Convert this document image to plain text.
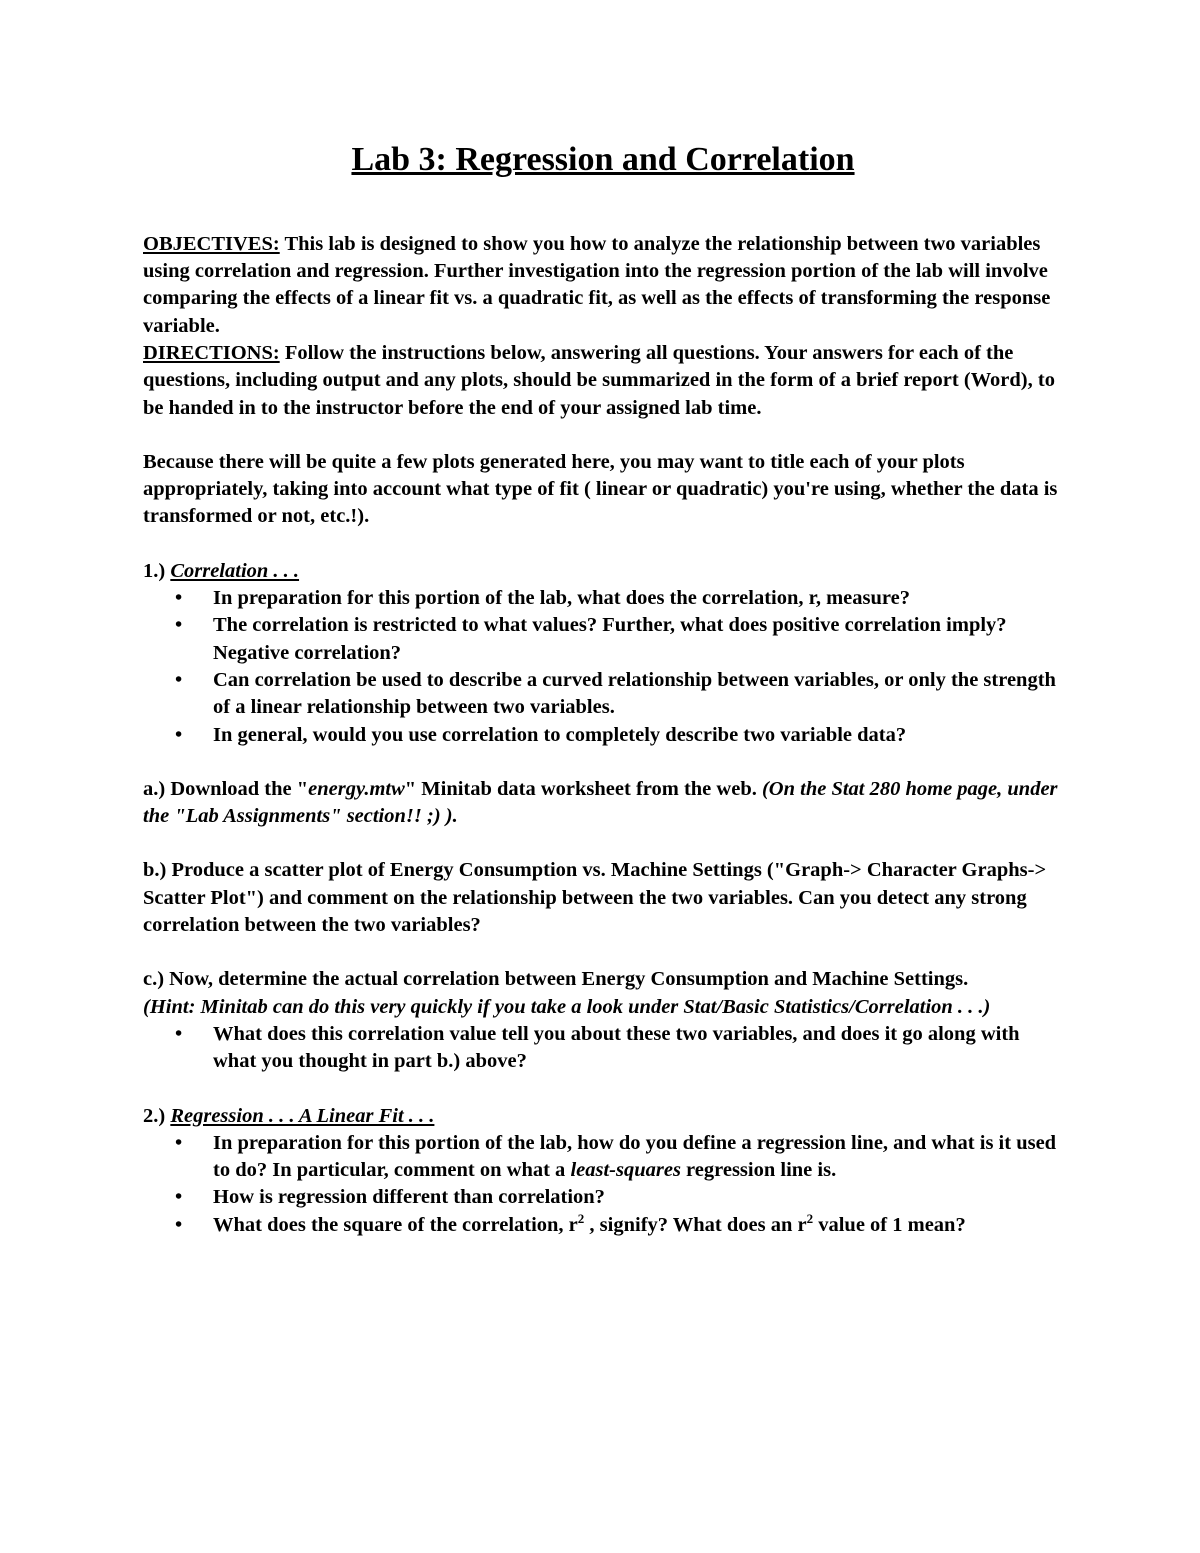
Lab 3: Regression and Correlation

OBJECTIVES: This lab is designed to show you how to analyze the relationship between two variables using correlation and regression. Further investigation into the regression portion of the lab will involve comparing the effects of a linear fit vs. a quadratic fit, as well as the effects of transforming the response variable.

DIRECTIONS: Follow the instructions below, answering all questions. Your answers for each of the questions, including output and any plots, should be summarized in the form of a brief report (Word), to be handed in to the instructor before the end of your assigned lab time.

Because there will be quite a few plots generated here, you may want to title each of your plots appropriately, taking into account what type of fit ( linear or quadratic) you're using, whether the data is transformed or not, etc.!).

1.) Correlation . . .
• In preparation for this portion of the lab, what does the correlation, r, measure?
• The correlation is restricted to what values? Further, what does positive correlation imply? Negative correlation?
• Can correlation be used to describe a curved relationship between variables, or only the strength of a linear relationship between two variables.
• In general, would you use correlation to completely describe two variable data?

a.) Download the "energy.mtw" Minitab data worksheet from the web. (On the Stat 280 home page, under the "Lab Assignments" section!! ;) ).

b.) Produce a scatter plot of Energy Consumption vs. Machine Settings ("Graph-> Character Graphs-> Scatter Plot") and comment on the relationship between the two variables. Can you detect any strong correlation between the two variables?

c.) Now, determine the actual correlation between Energy Consumption and Machine Settings.

(Hint: Minitab can do this very quickly if you take a look under Stat/Basic Statistics/Correlation . . .)

• What does this correlation value tell you about these two variables, and does it go along with what you thought in part b.) above?
2.) Regression . . . A Linear Fit . . .
• In preparation for this portion of the lab, how do you define a regression line, and what is it used to do? In particular, comment on what a least-squares regression line is.
• How is regression different than correlation?
• What does the square of the correlation, $r^2$ , signify? What does an $r^2$ value of 1 mean?
